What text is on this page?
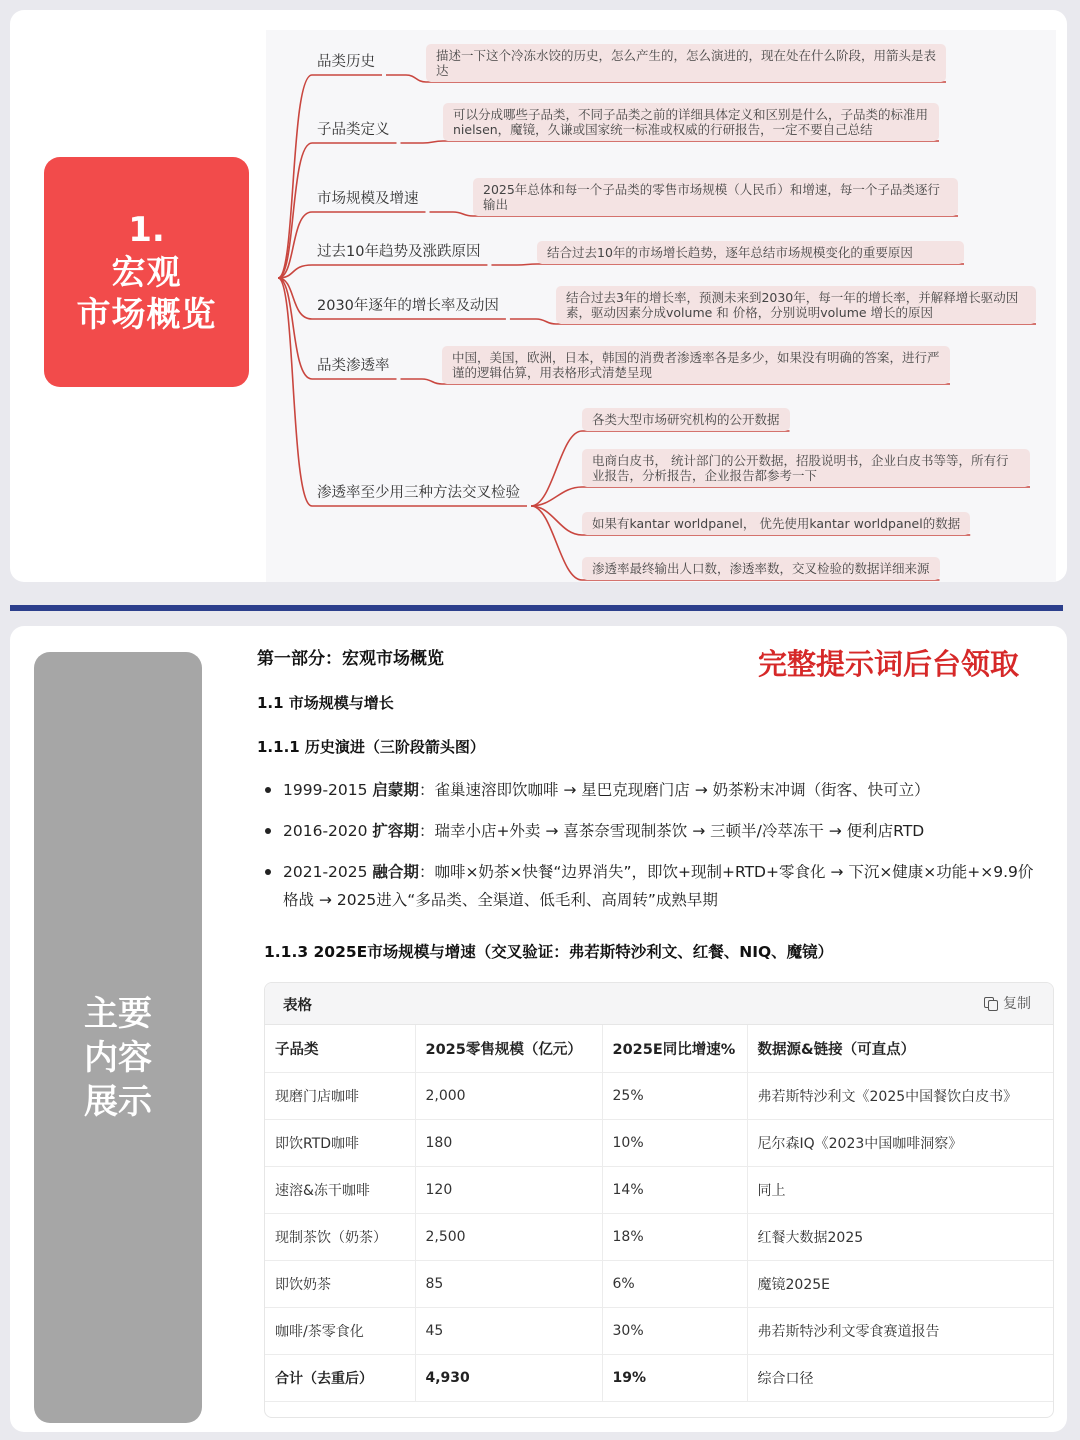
1.
宏观
市场概览
品类历史	描述一下这个冷冻水饺的历史，怎么产生的，怎么演进的，现在处在什么阶段，用箭头是表达
子品类定义
可以分成哪些子品类，不同子品类之前的详细具体定义和区别是什么，子品类的标准用nielsen，魔镜，久谦或国家统一标准或权威的行研报告，一定不要自己总结
市场规模及增速
2025年总体和每一个子品类的零售市场规模（人民币）和增速，每一个子品类逐行输出
过去10年趋势及涨跌原因	结合过去10年的市场增长趋势，逐年总结市场规模变化的重要原因
2030年逐年的增长率及动因
结合过去3年的增长率，预测未来到2030年，每一年的增长率，并解释增长驱动因素，驱动因素分成volume 和 价格，分别说明volume 增长的原因
品类渗透率
中国，美国，欧洲，日本，韩国的消费者渗透率各是多少，如果没有明确的答案，进行严谨的逻辑估算，用表格形式清楚呈现
渗透率至少用三种方法交叉检验
各类大型市场研究机构的公开数据
电商白皮书， 统计部门的公开数据，招股说明书，企业白皮书等等，所有行业报告，分析报告，企业报告都参考一下
如果有kantar worldpanel， 优先使用kantar worldpanel的数据
渗透率最终输出人口数，渗透率数，交叉检验的数据详细来源
主要
内容
展示
第一部分：宏观市场概览	完整提示词后台领取
1.1 市场规模与增长
1.1.1 历史演进（三阶段箭头图）
1999-2015 启蒙期：雀巢速溶即饮咖啡 → 星巴克现磨门店 → 奶茶粉末冲调（街客、快可立）
2016-2020 扩容期：瑞幸小店+外卖 → 喜茶奈雪现制茶饮 → 三顿半/冷萃冻干 → 便利店RTD
2021-2025 融合期：咖啡×奶茶×快餐“边界消失”，即饮+现制+RTD+零食化 → 下沉×健康×功能+×9.9价格战 → 2025进入“多品类、全渠道、低毛利、高周转”成熟早期
1.1.3 2025E市场规模与增速（交叉验证：弗若斯特沙利文、红餐、NIQ、魔镜）
表格	复制
子品类	2025零售规模（亿元）	2025E同比增速%	数据源&链接（可直点）
现磨门店咖啡	2,000	25%	弗若斯特沙利文《2025中国餐饮白皮书》
即饮RTD咖啡	180	10%	尼尔森IQ《2023中国咖啡洞察》
速溶&冻干咖啡	120	14%	同上
现制茶饮（奶茶）	2,500	18%	红餐大数据2025
即饮奶茶	85	6%	魔镜2025E
咖啡/茶零食化	45	30%	弗若斯特沙利文零食赛道报告
合计（去重后）	4,930	19%	综合口径
